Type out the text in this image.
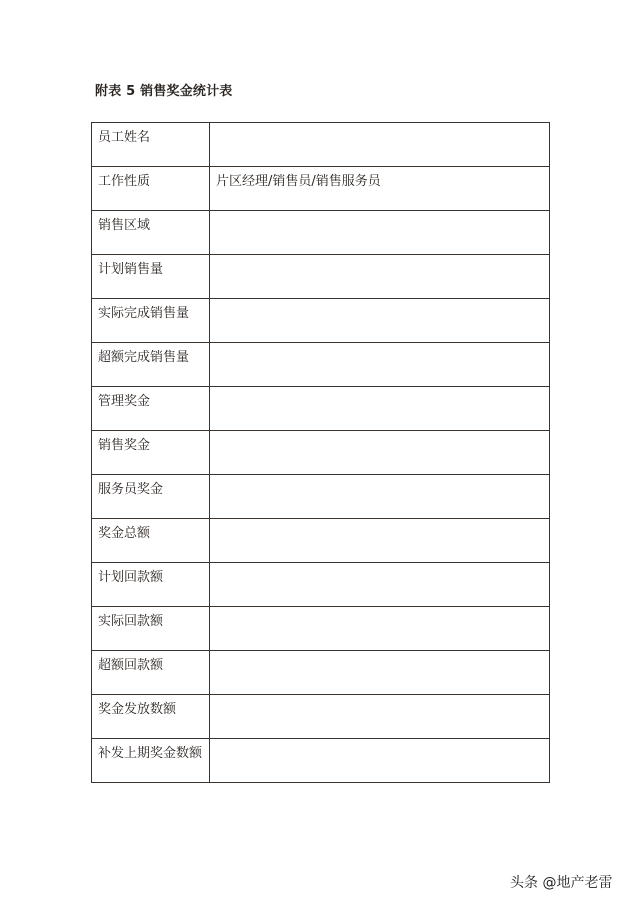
附表 5 销售奖金统计表
员工姓名	
工作性质	片区经理/销售员/销售服务员
销售区域	
计划销售量	
实际完成销售量	
超额完成销售量	
管理奖金	
销售奖金	
服务员奖金	
奖金总额	
计划回款额	
实际回款额	
超额回款额	
奖金发放数额	
补发上期奖金数额	
头条 @地产老雷
